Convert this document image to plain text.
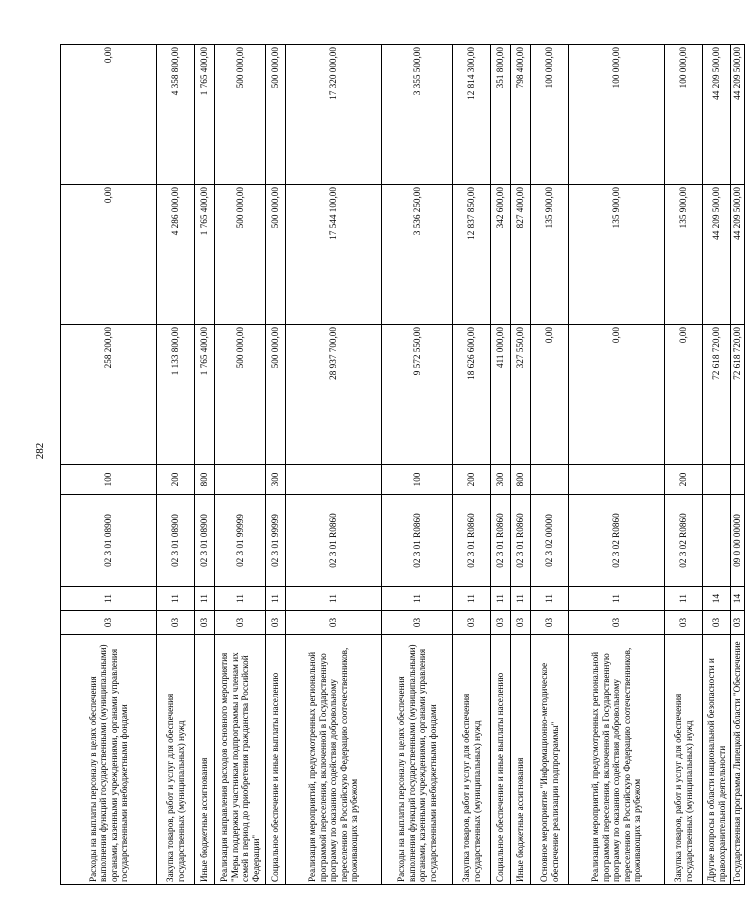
282
Расходы на выплаты персоналу в целях обеспечения выполнения функций государственными (муниципальными) органами, казенными учреждениями, органами управления государственными внебюджетными фондами	03	11	02 3 01 08900	100	258 200,00	0,00	0,00
Закупка товаров, работ и услуг для обеспечения государственных (муниципальных) нужд	03	11	02 3 01 08900	200	1 133 800,00	4 286 000,00	4 358 800,00
Иные бюджетные ассигнования	03	11	02 3 01 08900	800	1 765 400,00	1 765 400,00	1 765 400,00
Реализация направления расходов основного мероприятия "Меры поддержки участникам подпрограммы и членам их семей в период до приобретения гражданства Российской Федерации"	03	11	02 3 01 99999		500 000,00	500 000,00	500 000,00
Социальное обеспечение и иные выплаты населению	03	11	02 3 01 99999	300	500 000,00	500 000,00	500 000,00
Реализация мероприятий, предусмотренных региональной программой переселения, включенной в Государственную программу по оказанию содействия добровольному переселению в Российскую Федерацию соотечественников, проживающих за рубежом	03	11	02 3 01 R0860		28 937 700,00	17 544 100,00	17 320 000,00
Расходы на выплаты персоналу в целях обеспечения выполнения функций государственными (муниципальными) органами, казенными учреждениями, органами управления государственными внебюджетными фондами	03	11	02 3 01 R0860	100	9 572 550,00	3 536 250,00	3 355 500,00
Закупка товаров, работ и услуг для обеспечения государственных (муниципальных) нужд	03	11	02 3 01 R0860	200	18 626 600,00	12 837 850,00	12 814 300,00
Социальное обеспечение и иные выплаты населению	03	11	02 3 01 R0860	300	411 000,00	342 600,00	351 800,00
Иные бюджетные ассигнования	03	11	02 3 01 R0860	800	327 550,00	827 400,00	798 400,00
Основное мероприятие "Информационно-методическое обеспечение реализации подпрограммы"	03	11	02 3 02 00000		0,00	135 900,00	100 000,00
Реализация мероприятий, предусмотренных региональной программой переселения, включенной в Государственную программу по оказанию содействия добровольному переселению в Российскую Федерацию соотечественников, проживающих за рубежом	03	11	02 3 02 R0860		0,00	135 900,00	100 000,00
Закупка товаров, работ и услуг для обеспечения государственных (муниципальных) нужд	03	11	02 3 02 R0860	200	0,00	135 900,00	100 000,00
Другие вопросы в области национальной безопасности и правоохранительной деятельности	03	14			72 618 720,00	44 209 500,00	44 209 500,00
Государственная программа Липецкой области "Обеспечение	03	14	09 0 00 00000		72 618 720,00	44 209 500,00	44 209 500,00
